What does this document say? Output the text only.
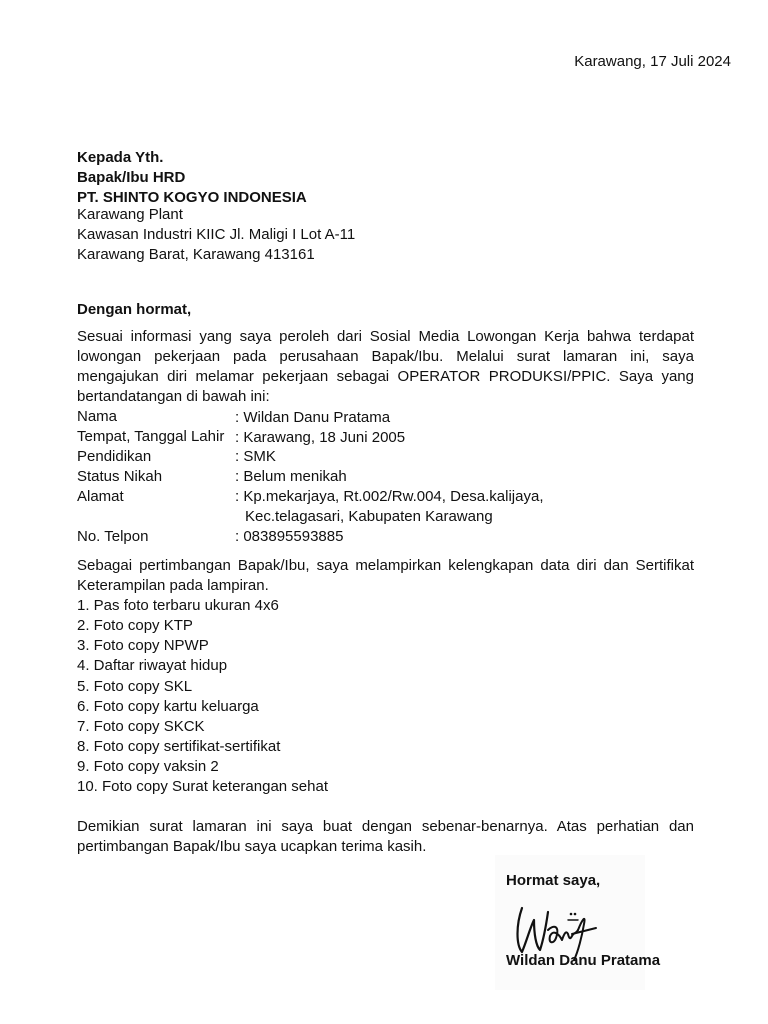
Karawang, 17 Juli 2024
Kepada Yth.
Bapak/Ibu HRD
PT. SHINTO KOGYO INDONESIA
Karawang Plant
Kawasan Industri KIIC Jl. Maligi I Lot A-11
Karawang Barat, Karawang 413161
Dengan hormat,
Sesuai informasi yang saya peroleh dari Sosial Media Lowongan Kerja bahwa terdapat
lowongan pekerjaan pada perusahaan Bapak/Ibu. Melalui surat lamaran ini, saya
mengajukan diri melamar pekerjaan sebagai OPERATOR PRODUKSI/PPIC. Saya yang
bertandatangan di bawah ini:
Nama	: Wildan Danu Pratama
Tempat, Tanggal Lahir : Karawang, 18 Juni 2005
Pendidikan	: SMK
Status Nikah	: Belum menikah
Alamat	: Kp.mekarjaya, Rt.002/Rw.004, Desa.kalijaya,
Kec.telagasari, Kabupaten Karawang
No. Telpon	: 083895593885
Sebagai pertimbangan Bapak/Ibu, saya melampirkan kelengkapan data diri dan Sertifikat
Keterampilan pada lampiran.
1. Pas foto terbaru ukuran 4x6
2. Foto copy KTP
3. Foto copy NPWP
4. Daftar riwayat hidup
5. Foto copy SKL
6. Foto copy kartu keluarga
7. Foto copy SKCK
8. Foto copy sertifikat-sertifikat
9. Foto copy vaksin 2
10. Foto copy Surat keterangan sehat
Demikian surat lamaran ini saya buat dengan sebenar-benarnya. Atas perhatian dan
pertimbangan Bapak/Ibu saya ucapkan terima kasih.
Hormat saya,
Wildan Danu Pratama
